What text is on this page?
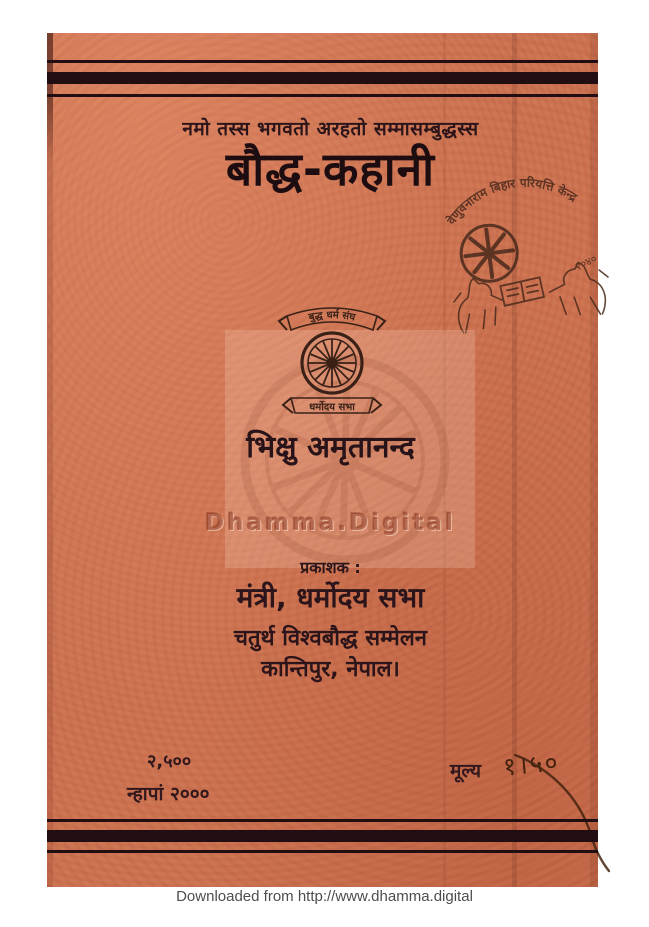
नमो तस्स भगवतो अरहतो सम्मासम्बुद्धस्स
बौद्ध-कहानी
वेणुवनाराम बिहार परियत्ति केन्द्र
२०४०
बुद्ध धर्म संघ
धर्मोदय सभा
भिक्षु अमृतानन्द
Dhamma.Digital
प्रकाशक :
मंत्री, धर्मोदय सभा
चतुर्थ विश्वबौद्ध सम्मेलन
कान्तिपुर, नेपाल।
२,५००
न्हापां २०००
मूल्य १।५०
Downloaded from http://www.dhamma.digital
